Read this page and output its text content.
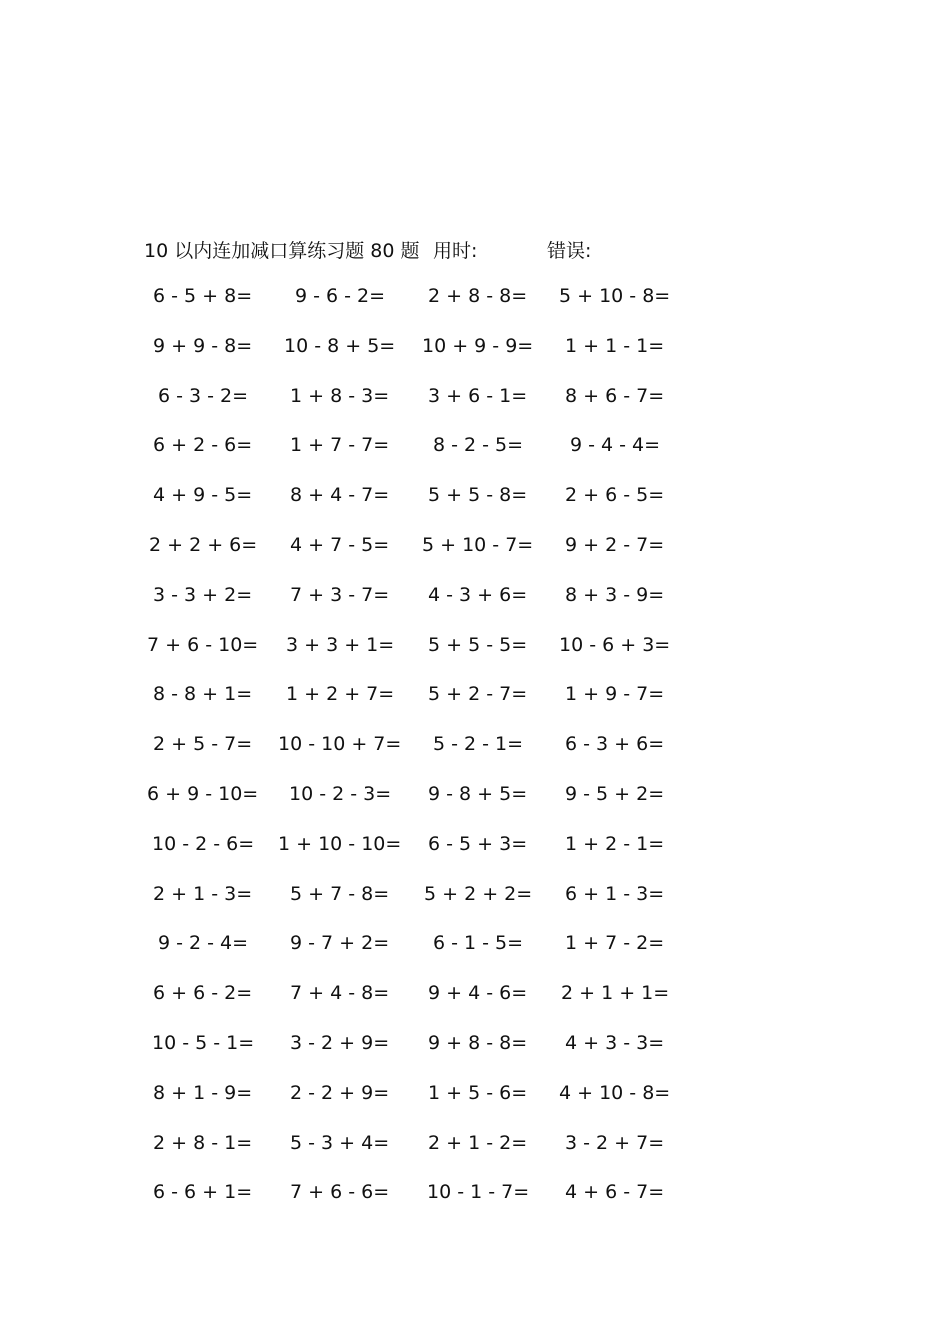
10 以内连加减口算练习题 80 题 用时:	错误:
6 - 5 + 8= 9 - 6 - 2= 2 + 8 - 8= 5 + 10 - 8=
9 + 9 - 8= 10 - 8 + 5= 10 + 9 - 9= 1 + 1 - 1=
6 - 3 - 2= 1 + 8 - 3= 3 + 6 - 1= 8 + 6 - 7=
6 + 2 - 6= 1 + 7 - 7= 8 - 2 - 5= 9 - 4 - 4=
4 + 9 - 5= 8 + 4 - 7= 5 + 5 - 8= 2 + 6 - 5=
2 + 2 + 6= 4 + 7 - 5= 5 + 10 - 7= 9 + 2 - 7=
3 - 3 + 2= 7 + 3 - 7= 4 - 3 + 6= 8 + 3 - 9=
7 + 6 - 10= 3 + 3 + 1= 5 + 5 - 5= 10 - 6 + 3=
8 - 8 + 1= 1 + 2 + 7= 5 + 2 - 7= 1 + 9 - 7=
2 + 5 - 7= 10 - 10 + 7= 5 - 2 - 1= 6 - 3 + 6=
6 + 9 - 10= 10 - 2 - 3= 9 - 8 + 5= 9 - 5 + 2=
10 - 2 - 6= 1 + 10 - 10= 6 - 5 + 3= 1 + 2 - 1=
2 + 1 - 3= 5 + 7 - 8= 5 + 2 + 2= 6 + 1 - 3=
9 - 2 - 4= 9 - 7 + 2= 6 - 1 - 5= 1 + 7 - 2=
6 + 6 - 2= 7 + 4 - 8= 9 + 4 - 6= 2 + 1 + 1=
10 - 5 - 1= 3 - 2 + 9= 9 + 8 - 8= 4 + 3 - 3=
8 + 1 - 9= 2 - 2 + 9= 1 + 5 - 6= 4 + 10 - 8=
2 + 8 - 1= 5 - 3 + 4= 2 + 1 - 2= 3 - 2 + 7=
6 - 6 + 1= 7 + 6 - 6= 10 - 1 - 7= 4 + 6 - 7=
